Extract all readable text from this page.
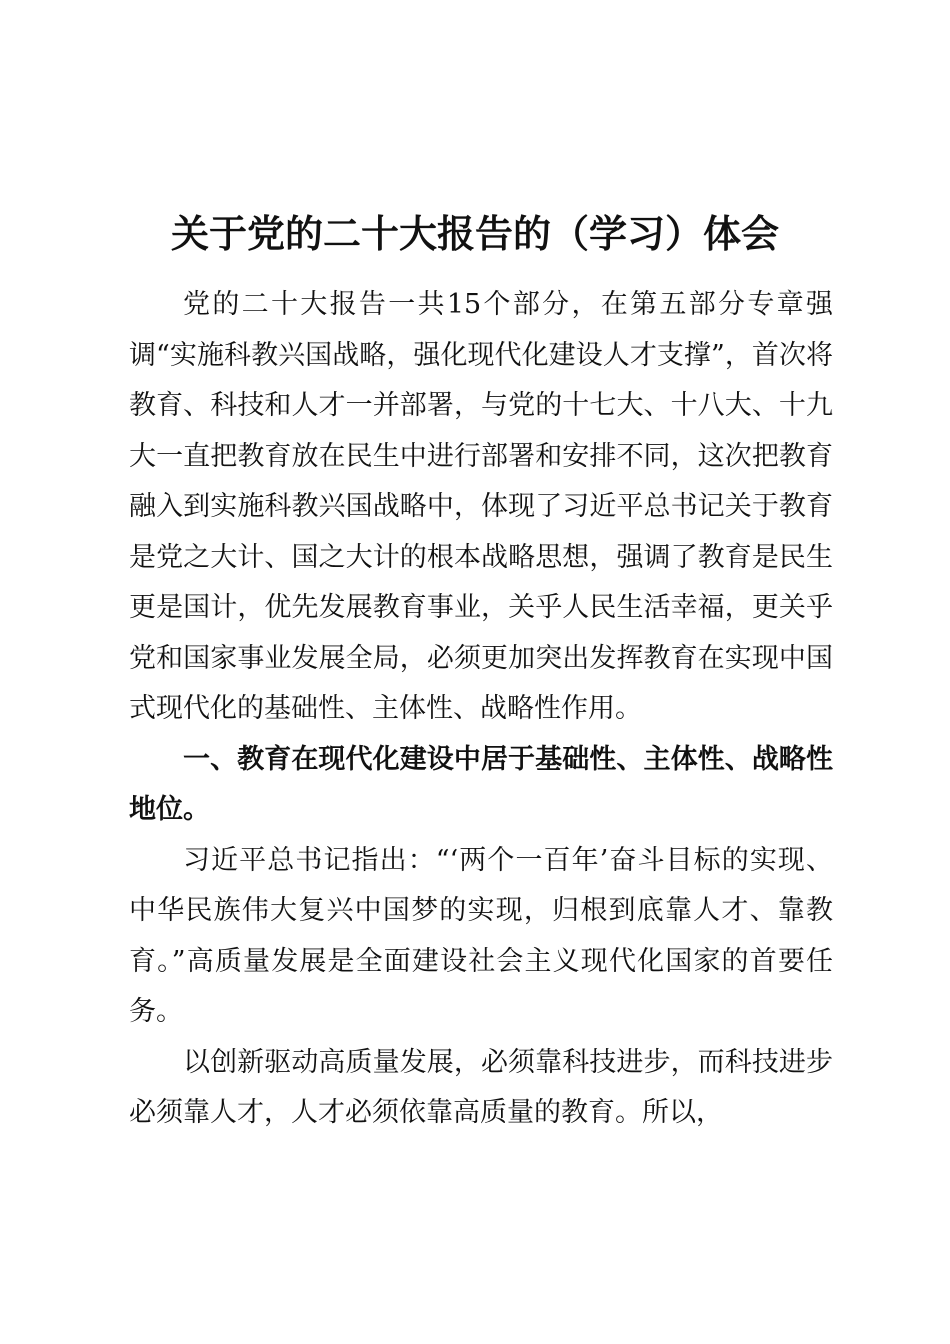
关于党的二十大报告的（学习）体会

党的二十大报告一共15个部分，在第五部分专章强调“实施科教兴国战略，强化现代化建设人才支撑”，首次将教育、科技和人才一并部署，与党的十七大、十八大、十九大一直把教育放在民生中进行部署和安排不同，这次把教育融入到实施科教兴国战略中，体现了习近平总书记关于教育是党之大计、国之大计的根本战略思想，强调了教育是民生更是国计，优先发展教育事业，关乎人民生活幸福，更关乎党和国家事业发展全局，必须更加突出发挥教育在实现中国式现代化的基础性、主体性、战略性作用。

一、教育在现代化建设中居于基础性、主体性、战略性地位。

习近平总书记指出：“‘两个一百年’奋斗目标的实现、中华民族伟大复兴中国梦的实现，归根到底靠人才、靠教育。”高质量发展是全面建设社会主义现代化国家的首要任务。

以创新驱动高质量发展，必须靠科技进步，而科技进步必须靠人才，人才必须依靠高质量的教育。所以，
